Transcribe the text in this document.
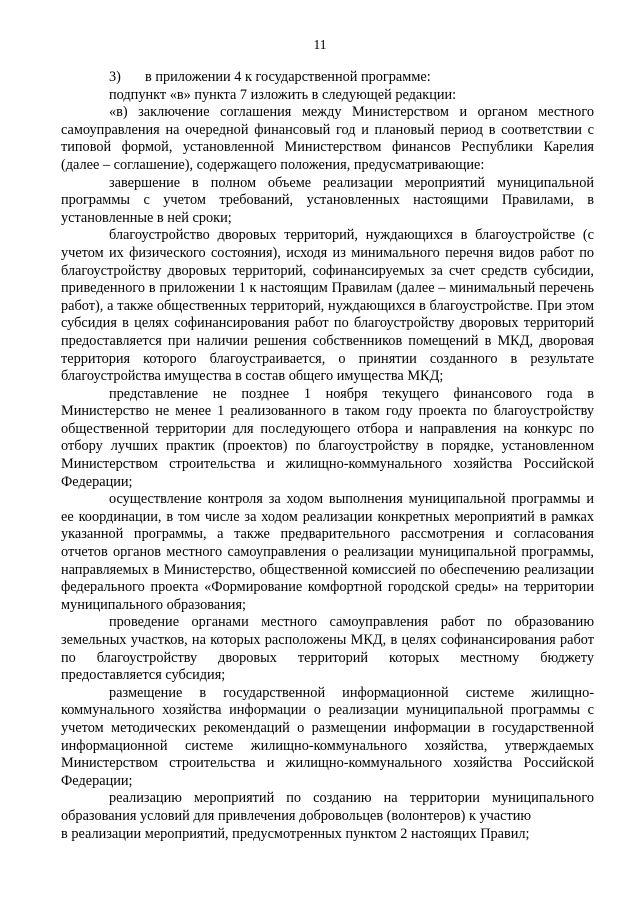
11

3) в приложении 4 к государственной программе:

подпункт «в» пункта 7 изложить в следующей редакции:

«в) заключение соглашения между Министерством и органом местного самоуправления на очередной финансовый год и плановый период в соответствии с типовой формой, установленной Министерством финансов Республики Карелия (далее – соглашение), содержащего положения, предусматривающие:

завершение в полном объеме реализации мероприятий муниципальной программы с учетом требований, установленных настоящими Правилами, в установленные в ней сроки;

благоустройство дворовых территорий, нуждающихся в благоустройстве (с учетом их физического состояния), исходя из минимального перечня видов работ по благоустройству дворовых территорий, софинансируемых за счет средств субсидии, приведенного в приложении 1 к настоящим Правилам (далее – минимальный перечень работ), а также общественных территорий, нуждающихся в благоустройстве. При этом субсидия в целях софинансирования работ по благоустройству дворовых территорий предоставляется при наличии решения собственников помещений в МКД, дворовая территория которого благоустраивается, о принятии созданного в результате благоустройства имущества в состав общего имущества МКД;

представление не позднее 1 ноября текущего финансового года в Министерство не менее 1 реализованного в таком году проекта по благоустройству общественной территории для последующего отбора и направления на конкурс по отбору лучших практик (проектов) по благоустройству в порядке, установленном Министерством строительства и жилищно-коммунального хозяйства Российской Федерации;

осуществление контроля за ходом выполнения муниципальной программы и ее координации, в том числе за ходом реализации конкретных мероприятий в рамках указанной программы, а также предварительного рассмотрения и согласования отчетов органов местного самоуправления о реализации муниципальной программы, направляемых в Министерство, общественной комиссией по обеспечению реализации федерального проекта «Формирование комфортной городской среды» на территории муниципального образования;

проведение органами местного самоуправления работ по образованию земельных участков, на которых расположены МКД, в целях софинансирования работ по благоустройству дворовых территорий которых местному бюджету предоставляется субсидия;

размещение в государственной информационной системе жилищно-коммунального хозяйства информации о реализации муниципальной программы с учетом методических рекомендаций о размещении информации в государственной информационной системе жилищно-коммунального хозяйства, утверждаемых Министерством строительства и жилищно-коммунального хозяйства Российской Федерации;

реализацию мероприятий по созданию на территории муниципального образования условий для привлечения добровольцев (волонтеров) к участию

в реализации мероприятий, предусмотренных пунктом 2 настоящих Правил;
